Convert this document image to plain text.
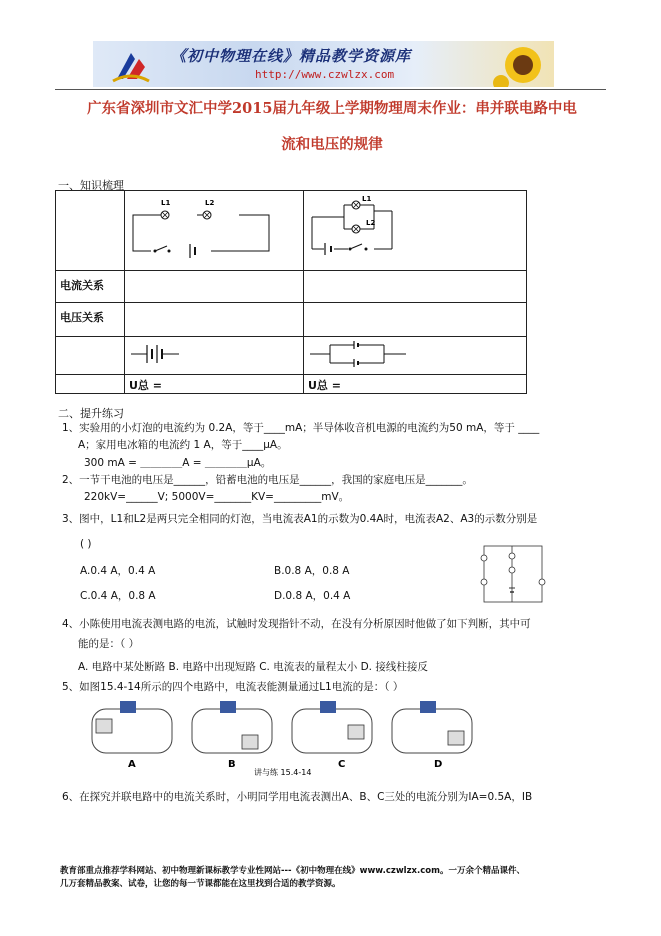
《初中物理在线》精品教学资源库
http://www.czwlzx.com
广东省深圳市文汇中学2015届九年级上学期物理周末作业：串并联电路中电
流和电压的规律
一、知识梳理

L1 L2	L1
L2

电流关系		
电压关系		

	U总 =	U总 =
二、提升练习
1、实验用的小灯泡的电流约为 0.2A，等于____mA；半导体收音机电源的电流约为50 mA，等于 ____
A；家用电冰箱的电流约 1 A，等于____μA。
300 mA = ＿＿＿＿A = ＿＿＿＿μA。
2、一节干电池的电压是______，铅蓄电池的电压是______，我国的家庭电压是_______。
220kV=______V; 5000V=_______KV=_________mV。
3、图中，L1和L2是两只完全相同的灯泡，当电流表A1的示数为0.4A时，电流表A2、A3的示数分别是
( )
A.0.4 A，0.4 A	B.0.8 A，0.8 A
C.0.4 A，0.8 A	D.0.8 A，0.4 A
4、小陈使用电流表测电路的电流，试触时发现指针不动，在没有分析原因时他做了如下判断，其中可
能的是：（ ）
A. 电路中某处断路 B. 电路中出现短路 C. 电流表的量程太小 D. 接线柱接反
5、如图15.4-14所示的四个电路中，电流表能测量通过L1电流的是：（ ）
A	B	C	D
讲与练 15.4-14
6、在探究并联电路中的电流关系时，小明同学用电流表测出A、B、C三处的电流分别为IA=0.5A，IB
教育部重点推荐学科网站、初中物理新课标教学专业性网站---《初中物理在线》www.czwlzx.com。一万余个精品课件、
几万套精品教案、试卷，让您的每一节课都能在这里找到合适的教学资源。
